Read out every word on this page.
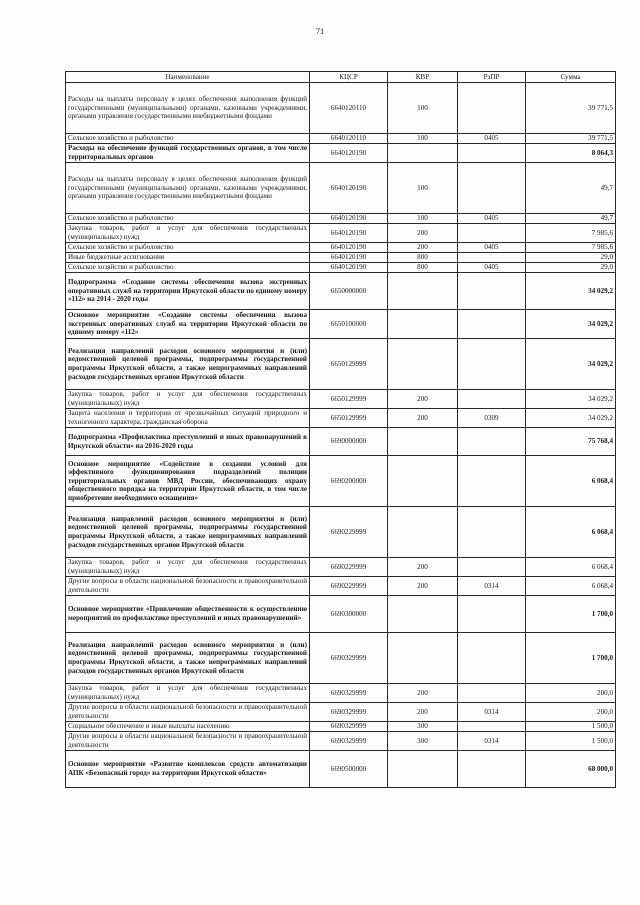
71
Наименование	КЦСР	КВР	РзПР	Сумма
Расходы на выплаты персоналу в целях обеспечения выполнения функций государственными (муниципальными) органами, казенными учреждениями, органами управления государственными внебюджетными фондами	6640120110	100		39 771,5
Сельское хозяйство и рыболовство	6640120110	100	0405	39 771,5
Расходы на обеспечение функций государственных органов, в том числе территориальных органов	6640120190			8 064,3
Расходы на выплаты персоналу в целях обеспечения выполнения функций государственными (муниципальными) органами, казенными учреждениями, органами управления государственными внебюджетными фондами	6640120190	100		49,7
Сельское хозяйство и рыболовство	6640120190	100	0405	49,7
Закупка товаров, работ и услуг для обеспечения государственных (муниципальных) нужд	6640120190	200		7 985,6
Сельское хозяйство и рыболовство	6640120190	200	0405	7 985,6
Иные бюджетные ассигнования	6640120190	800		29,0
Сельское хозяйство и рыболовство	6640120190	800	0405	29,0
Подпрограмма «Создание системы обеспечения вызова экстренных оперативных служб на территории Иркутской области по единому номеру «112» на 2014 - 2020 годы	6650000000			34 029,2
Основное мероприятие «Создание системы обеспечения вызова экстренных оперативных служб на территории Иркутской области по единому номеру «112»	6650100000			34 029,2
Реализация направлений расходов основного мероприятия и (или) ведомственной целевой программы, подпрограммы государственной программы Иркутской области, а также непрограммных направлений расходов государственных органов Иркутской области	6650129999			34 029,2
Закупка товаров, работ и услуг для обеспечения государственных (муниципальных) нужд	6650129999	200		34 029,2
Защита населения и территории от чрезвычайных ситуаций природного и техногенного характера, гражданская оборона	6650129999	200	0309	34 029,2
Подпрограмма «Профилактика преступлений и иных правонарушений в Иркутской области» на 2016-2020 годы	6690000000			75 768,4
Основное мероприятие «Содействие в создании условий для эффективного функционирования подразделений полиции территориальных органов МВД России, обеспечивающих охрану общественного порядка на территории Иркутской области, в том числе приобретение необходимого оснащения»	6690200000			6 068,4
Реализация направлений расходов основного мероприятия и (или) ведомственной целевой программы, подпрограммы государственной программы Иркутской области, а также непрограммных направлений расходов государственных органов Иркутской области	6690229999			6 068,4
Закупка товаров, работ и услуг для обеспечения государственных (муниципальных) нужд	6690229999	200		6 068,4
Другие вопросы в области национальной безопасности и правоохранительной деятельности	6690229999	200	0314	6 068,4
Основное мероприятие «Привлечение общественности к осуществлению мероприятий по профилактике преступлений и иных правонарушений»	6690300000			1 700,0
Реализация направлений расходов основного мероприятия и (или) ведомственной целевой программы, подпрограммы государственной программы Иркутской области, а также непрограммных направлений расходов государственных органов Иркутской области	6690329999			1 700,0
Закупка товаров, работ и услуг для обеспечения государственных (муниципальных) нужд	6690329999	200		200,0
Другие вопросы в области национальной безопасности и правоохранительной деятельности	6690329999	200	0314	200,0
Социальное обеспечение и иные выплаты населению	6690329999	300		1 500,0
Другие вопросы в области национальной безопасности и правоохранительной деятельности	6690329999	300	0314	1 500,0
Основное мероприятие «Развитие комплексов средств автоматизации АПК «Безопасный город» на территории Иркутской области»	6690500000			68 000,0
